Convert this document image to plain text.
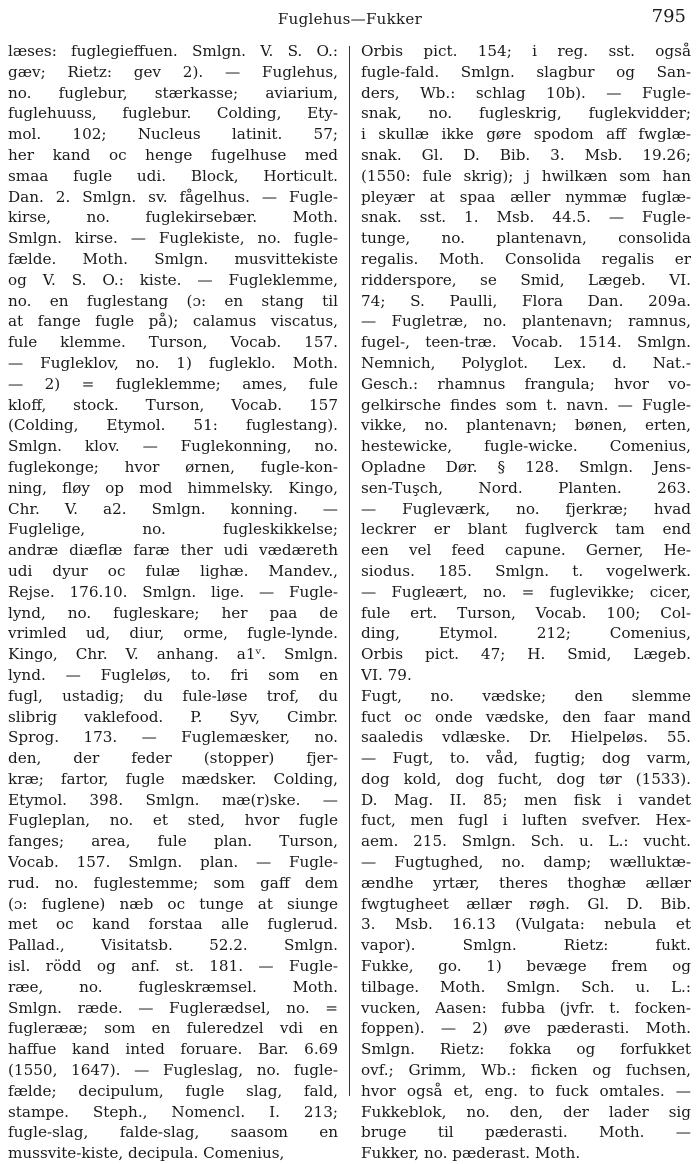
Fuglehus—Fukker	795
læses: fuglegieffuen. Smlgn. V. S. O.:
gæv; Rietz: gev 2). — Fuglehus,
no. fuglebur, stærkasse; aviarium,
fuglehuuss, fuglebur. Colding, Ety-
mol. 102; Nucleus latinit. 57;
her kand oc henge fugelhuse med
smaa fugle udi. Block, Horticult.
Dan. 2. Smlgn. sv. fågelhus. — Fugle-
kirse, no. fuglekirsebær. Moth.
Smlgn. kirse. — Fuglekiste, no. fugle-
fælde. Moth. Smlgn. musvittekiste
og V. S. O.: kiste. — Fugleklemme,
no. en fuglestang (ɔ: en stang til
at fange fugle på); calamus viscatus,
fule klemme. Turson, Vocab. 157.
— Fugleklov, no. 1) fugleklo. Moth.
— 2) = fugleklemme; ames, fule
kloff, stock. Turson, Vocab. 157
(Colding, Etymol. 51: fuglestang).
Smlgn. klov. — Fuglekonning, no.
fuglekonge; hvor ørnen, fugle-kon-
ning, fløy op mod himmelsky. Kingo,
Chr. V. a2. Smlgn. konning. —
Fuglelige, no. fugleskikkelse;
andræ diæflæ faræ ther udi vædæreth
udi dyur oc fulæ lighæ. Mandev.,
Rejse. 176.10. Smlgn. lige. — Fugle-
lynd, no. fugleskare; her paa de
vrimled ud, diur, orme, fugle-lynde.
Kingo, Chr. V. anhang. a1ᵛ. Smlgn.
lynd. — Fugleløs, to. fri som en
fugl, ustadig; du fule-løse trof, du
slibrig vaklefood. P. Syv, Cimbr.
Sprog. 173. — Fuglemæsker, no.
den, der feder (stopper) fjer-
kræ; fartor, fugle mædsker. Colding,
Etymol. 398. Smlgn. mæ(r)ske. —
Fugleplan, no. et sted, hvor fugle
fanges; area, fule plan. Turson,
Vocab. 157. Smlgn. plan. — Fugle-
rud. no. fuglestemme; som gaff dem
(ɔ: fuglene) næb oc tunge at siunge
met oc kand forstaa alle fuglerud.
Pallad., Visitatsb. 52.2. Smlgn.
isl. rödd og anf. st. 181. — Fugle-
ræe, no. fugleskræmsel. Moth.
Smlgn. ræde. — Fuglerædsel, no. =
fuglerææ; som en fuleredzel vdi en
haffue kand inted foruare. Bar. 6.69
(1550, 1647). — Fugleslag, no. fugle-
fælde; decipulum, fugle slag, fald,
stampe. Steph., Nomencl. I. 213;
fugle-slag, falde-slag, saasom en
mussvite-kiste, decipula. Comenius,
Orbis pict. 154; i reg. sst. også
fugle-fald. Smlgn. slagbur og San-
ders, Wb.: schlag 10b). — Fugle-
snak, no. fugleskrig, fuglekvidder;
i skullæ ikke gøre spodom aff fwglæ-
snak. Gl. D. Bib. 3. Msb. 19.26;
(1550: fule skrig); j hwilkæn som han
pleyær at spaa æller nymmæ fuglæ-
snak. sst. 1. Msb. 44.5. — Fugle-
tunge, no. plantenavn, consolida
regalis. Moth. Consolida regalis er
ridderspore, se Smid, Lægeb. VI.
74; S. Paulli, Flora Dan. 209a.
— Fugletræ, no. plantenavn; ramnus,
fugel-, teen-træ. Vocab. 1514. Smlgn.
Nemnich, Polyglot. Lex. d. Nat.-
Gesch.: rhamnus frangula; hvor vo-
gelkirsche findes som t. navn. — Fugle-
vikke, no. plantenavn; bønen, erten,
hestewicke, fugle-wicke. Comenius,
Opladne Dør. § 128. Smlgn. Jens-
sen-Tuşch, Nord. Planten. 263.
— Fugleværk, no. fjerkræ; hvad
leckrer er blant fuglverck tam end
een vel feed capune. Gerner, He-
siodus. 185. Smlgn. t. vogelwerk.
— Fugleært, no. = fuglevikke; cicer,
fule ert. Turson, Vocab. 100; Col-
ding, Etymol. 212; Comenius,
Orbis pict. 47; H. Smid, Lægeb.
VI. 79.
Fugt, no. vædske; den slemme
fuct oc onde vædske, den faar mand
saaledis vdlæske. Dr. Hielpeløs. 55.
— Fugt, to. våd, fugtig; dog varm,
dog kold, dog fucht, dog tør (1533).
D. Mag. II. 85; men fisk i vandet
fuct, men fugl i luften svefver. Hex-
aem. 215. Smlgn. Sch. u. L.: vucht.
— Fugtughed, no. damp; wælluktæ-
ændhe yrtær, theres thoghæ ællær
fwgtugheet ællær røgh. Gl. D. Bib.
3. Msb. 16.13 (Vulgata: nebula et
vapor). Smlgn. Rietz: fukt.
Fukke, go. 1) bevæge frem og
tilbage. Moth. Smlgn. Sch. u. L.:
vucken, Aasen: fubba (jvfr. t. focken-
foppen). — 2) øve pæderasti. Moth.
Smlgn. Rietz: fokka og forfukket
ovf.; Grimm, Wb.: ficken og fuchsen,
hvor også et, eng. to fuck omtales. —
Fukkeblok, no. den, der lader sig
bruge til pæderasti. Moth. —
Fukker, no. pæderast. Moth.
